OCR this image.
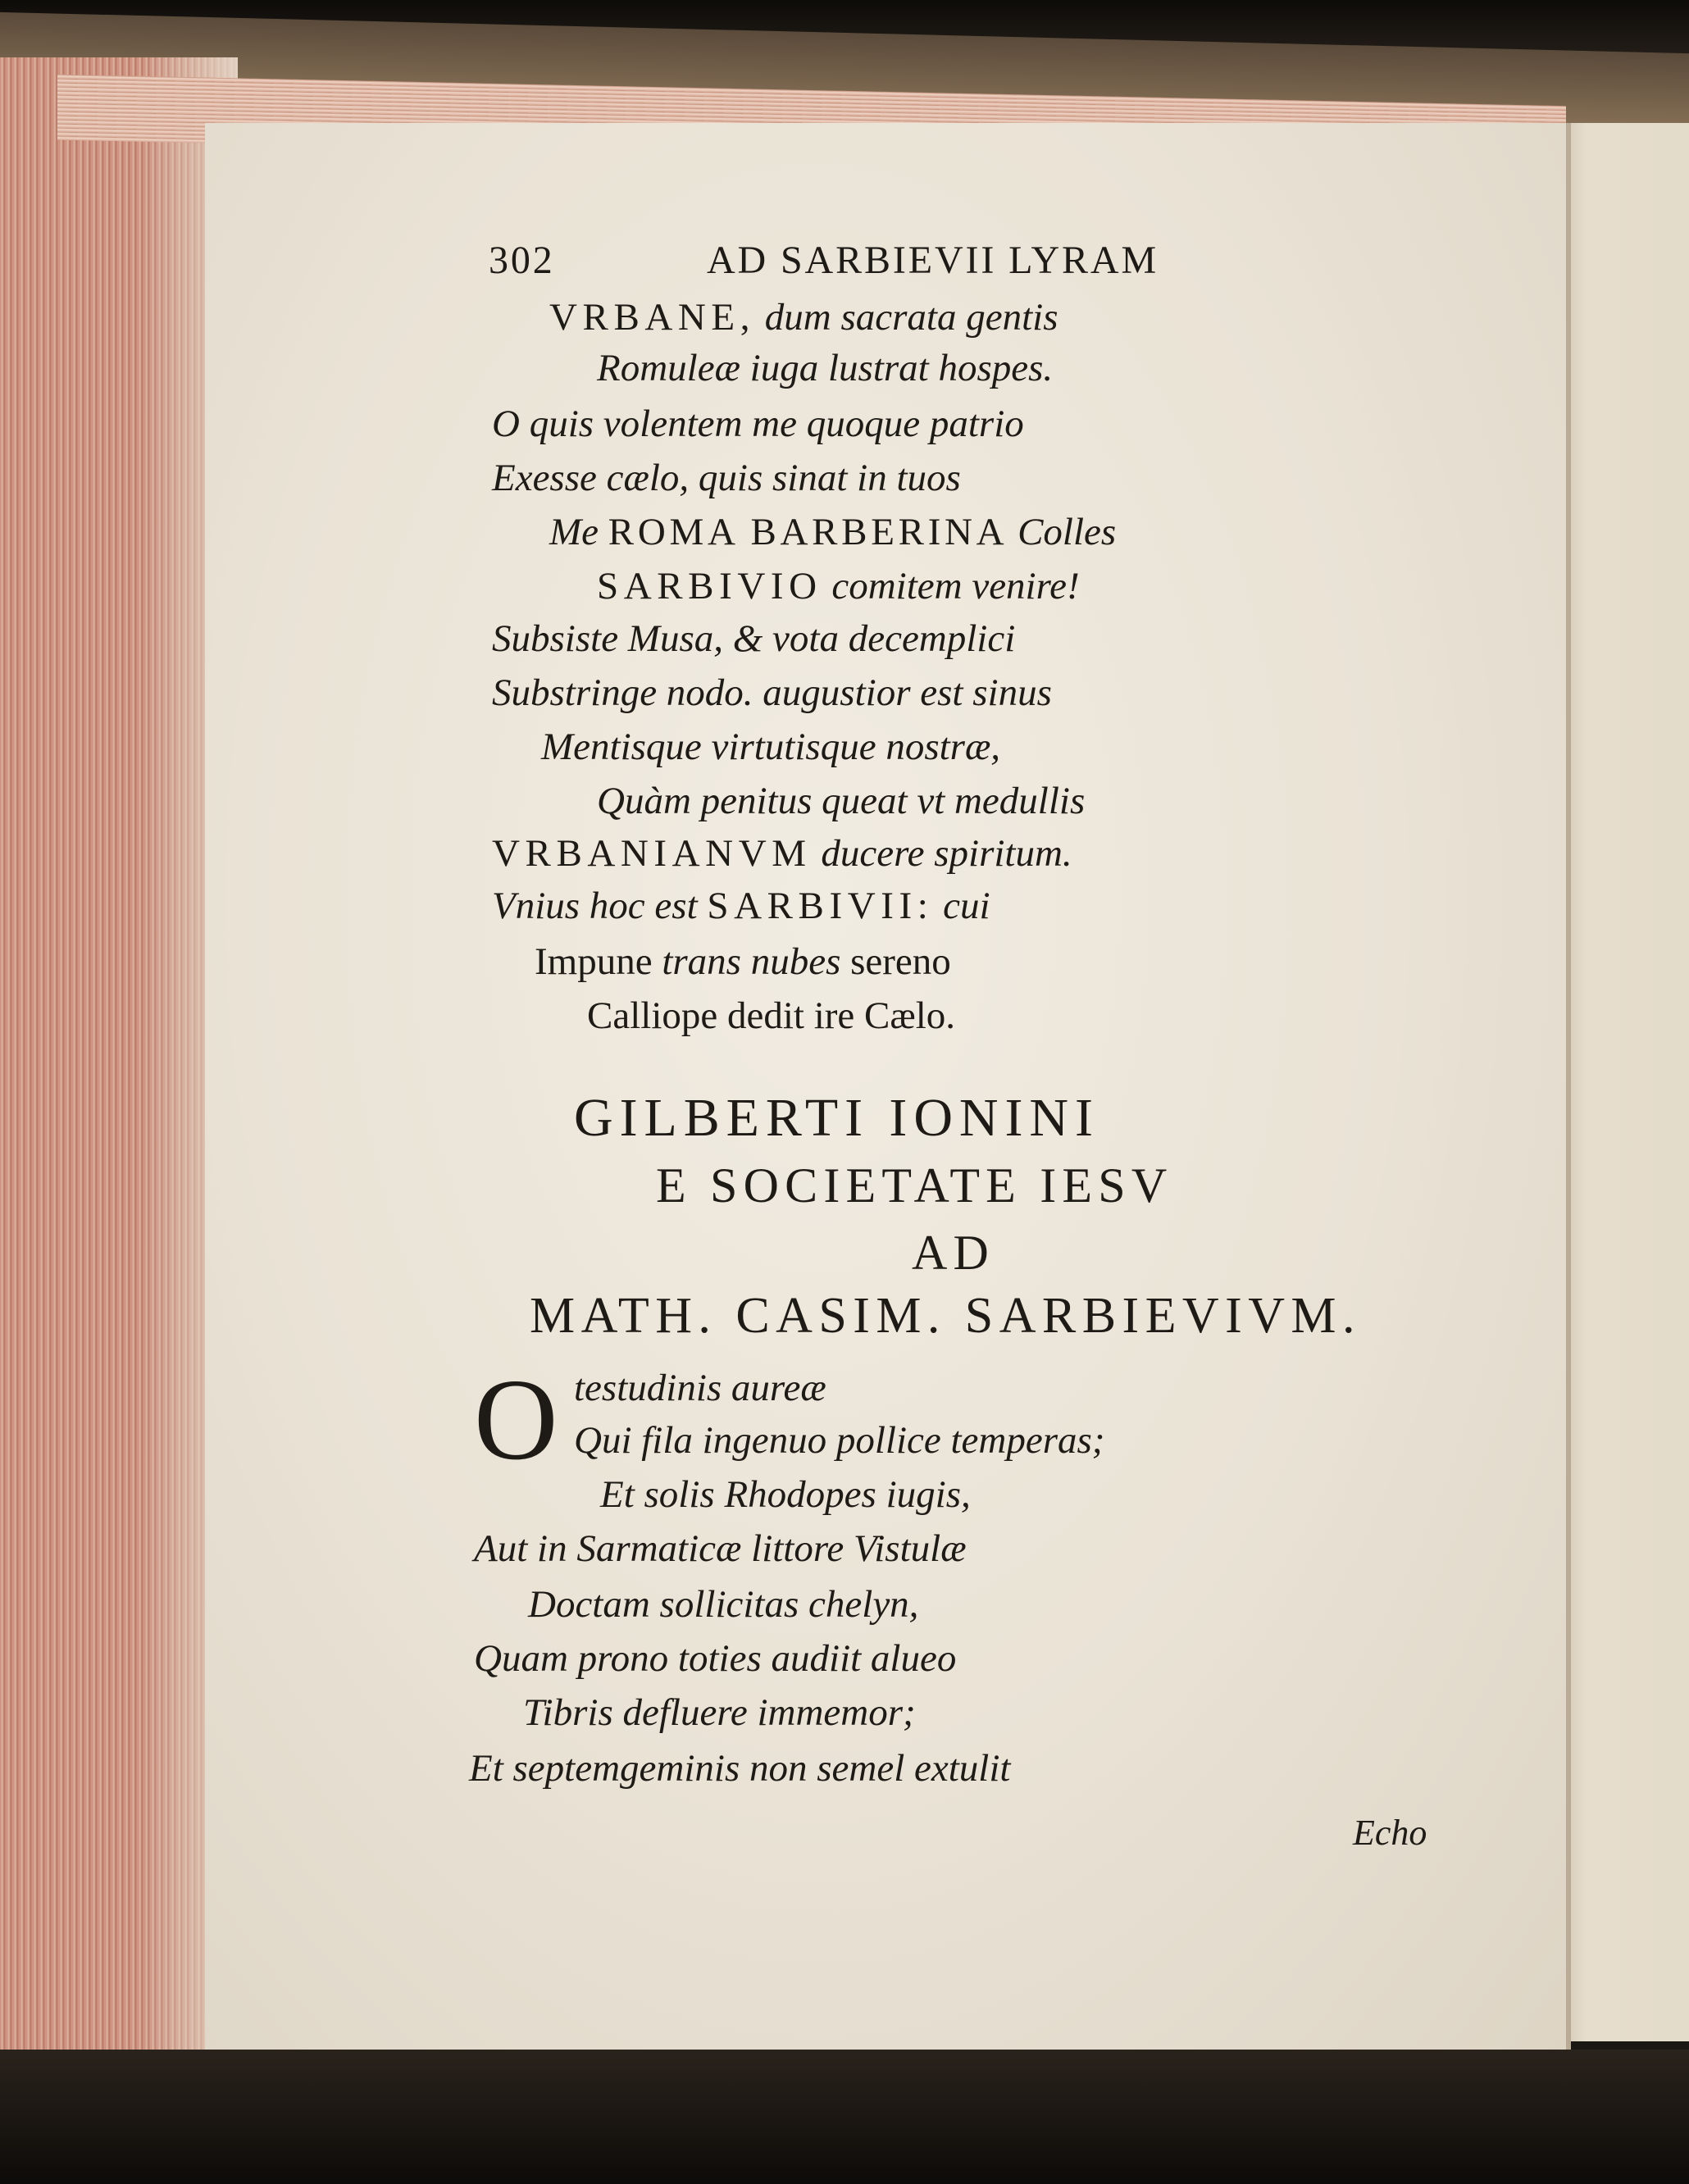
302	AD SARBIEVII LYRAM
VRBANE, dum sacrata gentis
Romuleæ iuga lustrat hospes.
O quis volentem me quoque patrio
Exesse cælo, quis sinat in tuos
Me ROMA BARBERINA Colles
SARBIVIO comitem venire!
Subsiste Musa, & vota decemplici
Substringe nodo. augustior est sinus
Mentisque virtutisque nostræ,
Quàm penitus queat vt medullis
VRBANIANVM ducere spiritum.
Vnius hoc est SARBIVII: cui
Impune trans nubes sereno
Calliope dedit ire Cælo.
GILBERTI IONINI
E SOCIETATE IESV
AD
MATH. CASIM. SARBIEVIVM.
O testudinis aureæ
Qui fila ingenuo pollice temperas;
Et solis Rhodopes iugis,
Aut in Sarmaticæ littore Vistulæ
Doctam sollicitas chelyn,
Quam prono toties audiit alueo
Tibris defluere immemor;
Et septemgeminis non semel extulit
Echo
